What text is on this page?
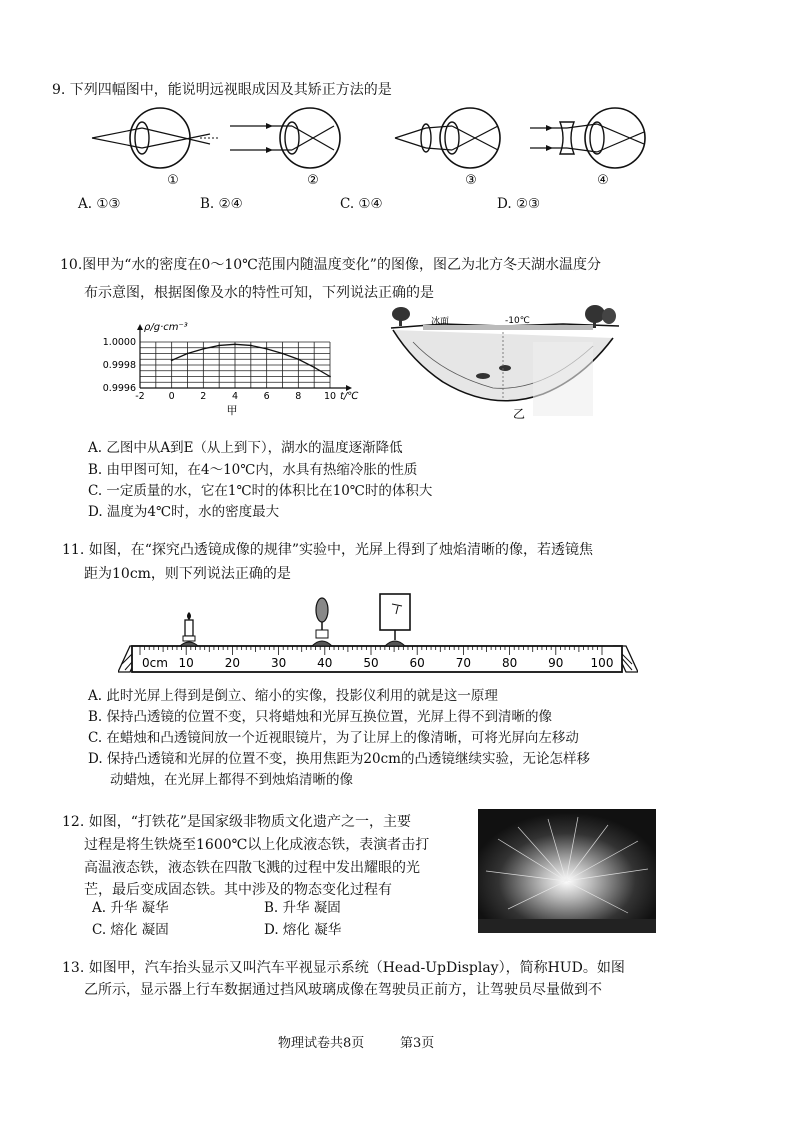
9. 下列四幅图中，能说明远视眼成因及其矫正方法的是
①	②	③	④
A. ①③	B. ②④	C. ①④	D. ②③
10.图甲为“水的密度在0～10℃范围内随温度变化”的图像，图乙为北方冬天湖水温度分
布示意图，根据图像及水的特性可知，下列说法正确的是
-2	0	2	4	6	8 10
1.0000
0.9998
0.9996
ρ/g·cm⁻³
t/℃
甲
冰面	-10℃
乙
A. 乙图中从A到E（从上到下），湖水的温度逐渐降低
B. 由甲图可知，在4～10℃内，水具有热缩冷胀的性质
C. 一定质量的水，它在1℃时的体积比在10℃时的体积大
D. 温度为4℃时，水的密度最大
11. 如图，在“探究凸透镜成像的规律”实验中，光屏上得到了烛焰清晰的像，若透镜焦
距为10cm，则下列说法正确的是
0cm 10	20	30	40	50	60	70	80	90 100
A. 此时光屏上得到是倒立、缩小的实像，投影仪利用的就是这一原理
B. 保持凸透镜的位置不变，只将蜡烛和光屏互换位置，光屏上得不到清晰的像
C. 在蜡烛和凸透镜间放一个近视眼镜片，为了让屏上的像清晰，可将光屏向左移动
D. 保持凸透镜和光屏的位置不变，换用焦距为20cm的凸透镜继续实验，无论怎样移
动蜡烛，在光屏上都得不到烛焰清晰的像
12. 如图，“打铁花”是国家级非物质文化遗产之一，主要
过程是将生铁烧至1600℃以上化成液态铁，表演者击打
高温液态铁，液态铁在四散飞溅的过程中发出耀眼的光
芒，最后变成固态铁。其中涉及的物态变化过程有
A. 升华 凝华	B. 升华 凝固
C. 熔化 凝固	D. 熔化 凝华
13. 如图甲，汽车抬头显示又叫汽车平视显示系统（Head-UpDisplay），简称HUD。如图
乙所示，显示器上行车数据通过挡风玻璃成像在驾驶员正前方，让驾驶员尽量做到不
物理试卷共8页	第3页
